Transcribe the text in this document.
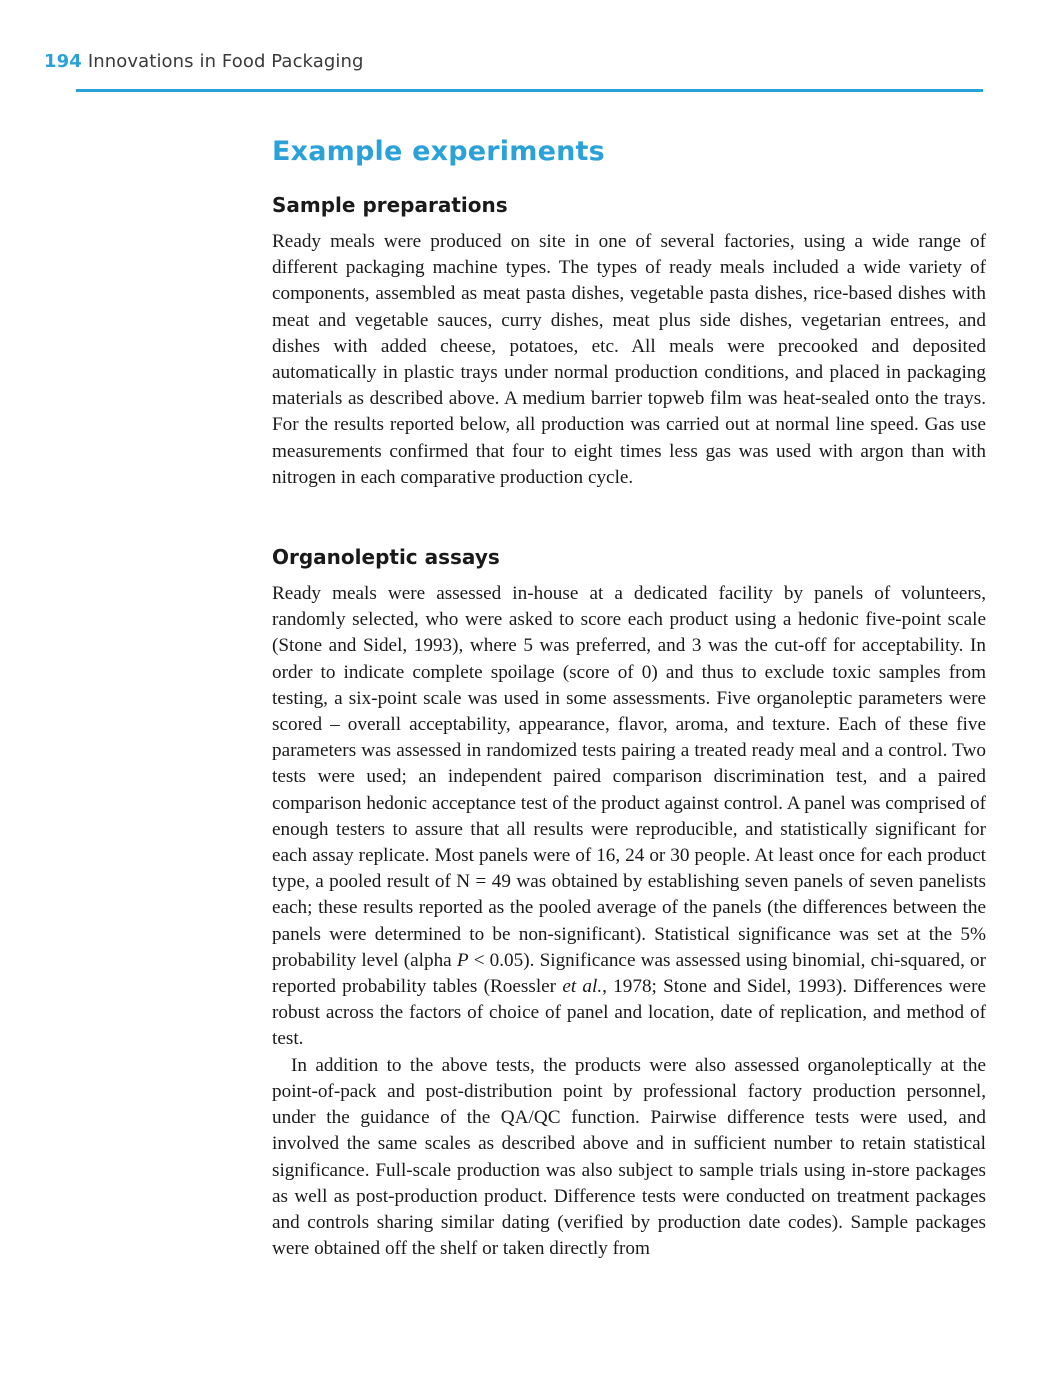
194 Innovations in Food Packaging
Example experiments
Sample preparations

Ready meals were produced on site in one of several factories, using a wide range of different packaging machine types. The types of ready meals included a wide variety of components, assembled as meat pasta dishes, vegetable pasta dishes, rice-based dishes with meat and vegetable sauces, curry dishes, meat plus side dishes, vegetarian entrees, and dishes with added cheese, potatoes, etc. All meals were precooked and deposited automatically in plastic trays under normal production conditions, and placed in packaging materials as described above. A medium barrier topweb film was heat-sealed onto the trays. For the results reported below, all production was carried out at normal line speed. Gas use measurements confirmed that four to eight times less gas was used with argon than with nitrogen in each comparative production cycle.

Organoleptic assays

Ready meals were assessed in-house at a dedicated facility by panels of volunteers, randomly selected, who were asked to score each product using a hedonic five-point scale (Stone and Sidel, 1993), where 5 was preferred, and 3 was the cut-off for acceptability. In order to indicate complete spoilage (score of 0) and thus to exclude toxic samples from testing, a six-point scale was used in some assessments. Five organoleptic parameters were scored – overall acceptability, appearance, flavor, aroma, and texture. Each of these five parameters was assessed in randomized tests pairing a treated ready meal and a control. Two tests were used; an independent paired comparison discrimination test, and a paired comparison hedonic acceptance test of the product against control. A panel was comprised of enough testers to assure that all results were reproducible, and statistically significant for each assay replicate. Most panels were of 16, 24 or 30 people. At least once for each product type, a pooled result of N = 49 was obtained by establishing seven panels of seven panelists each; these results reported as the pooled average of the panels (the differences between the panels were determined to be non-significant). Statistical significance was set at the 5% probability level (alpha P < 0.05). Significance was assessed using binomial, chi-squared, or reported probability tables (Roessler et al., 1978; Stone and Sidel, 1993). Differences were robust across the factors of choice of panel and location, date of replication, and method of test.

In addition to the above tests, the products were also assessed organoleptically at the point-of-pack and post-distribution point by professional factory production personnel, under the guidance of the QA/QC function. Pairwise difference tests were used, and involved the same scales as described above and in sufficient number to retain statistical significance. Full-scale production was also subject to sample trials using in-store packages as well as post-production product. Difference tests were conducted on treatment packages and controls sharing similar dating (verified by production date codes). Sample packages were obtained off the shelf or taken directly from
